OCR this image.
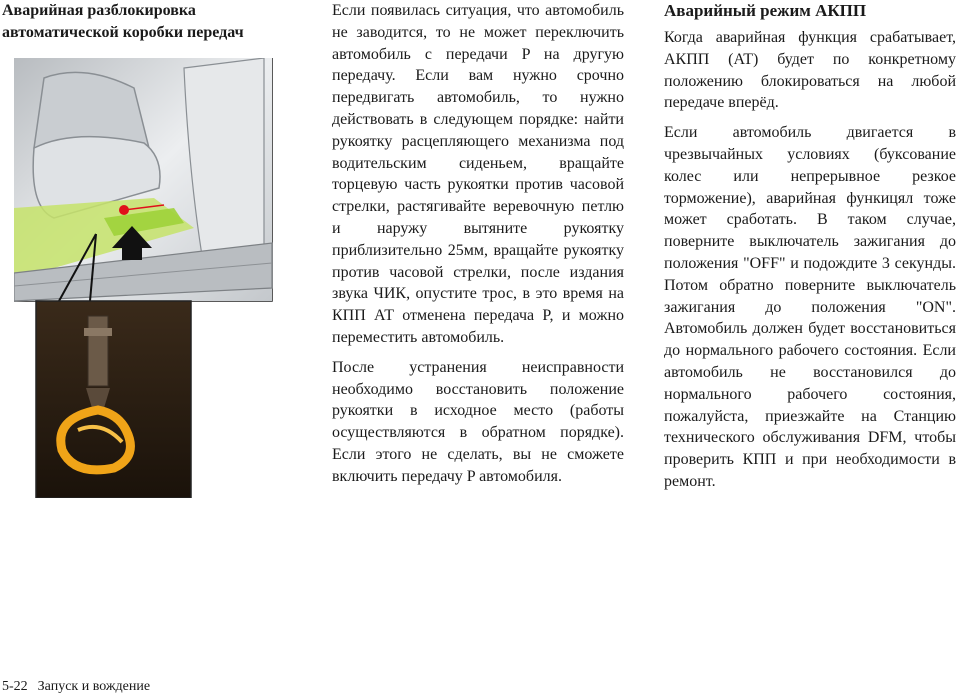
Аварийная разблокировка автоматической коробки передач

Если появилась ситуация, что автомобиль не заводится, то не может переключить автомобиль с передачи P на другую передачу. Если вам нужно срочно передвигать автомобиль, то нужно действовать в следующем порядке: найти рукоятку расцепляющего механизма под водительским сиденьем, вращайте торцевую часть рукоятки против часовой стрелки, растягивайте веревочную петлю и наружу вытяните рукоятку приблизительно 25мм, вращайте рукоятку против часовой стрелки, после издания звука ЧИК, опустите трос, в это время на КПП АТ отменена передача P, и можно переместить автомобиль.

После устранения неисправности необходимо восстановить положение рукоятки в исходное место (работы осуществляются в обратном порядке). Если этого не сделать, вы не сможете включить передачу P автомобиля.

Аварийный режим АКПП

Когда аварийная функция срабатывает, АКПП (AT) будет по конкретному положению блокироваться на любой передаче вперёд.

Если автомобиль двигается в чрезвычайных условиях (буксование колес или непрерывное резкое торможение), аварийная функицял тоже может сработать. В таком случае, поверните выключатель зажигания до положения "OFF" и подождите 3 секунды. Потом обратно поверните выключатель зажигания до положения "ON". Автомобиль должен будет восстановиться до нормального рабочего состояния. Если автомобиль не восстановился до нормального рабочего состояния, пожалуйста, приезжайте на Станцию технического обслуживания DFM, чтобы проверить КПП и при необходимости в ремонт.

5-22 Запуск и вождение
